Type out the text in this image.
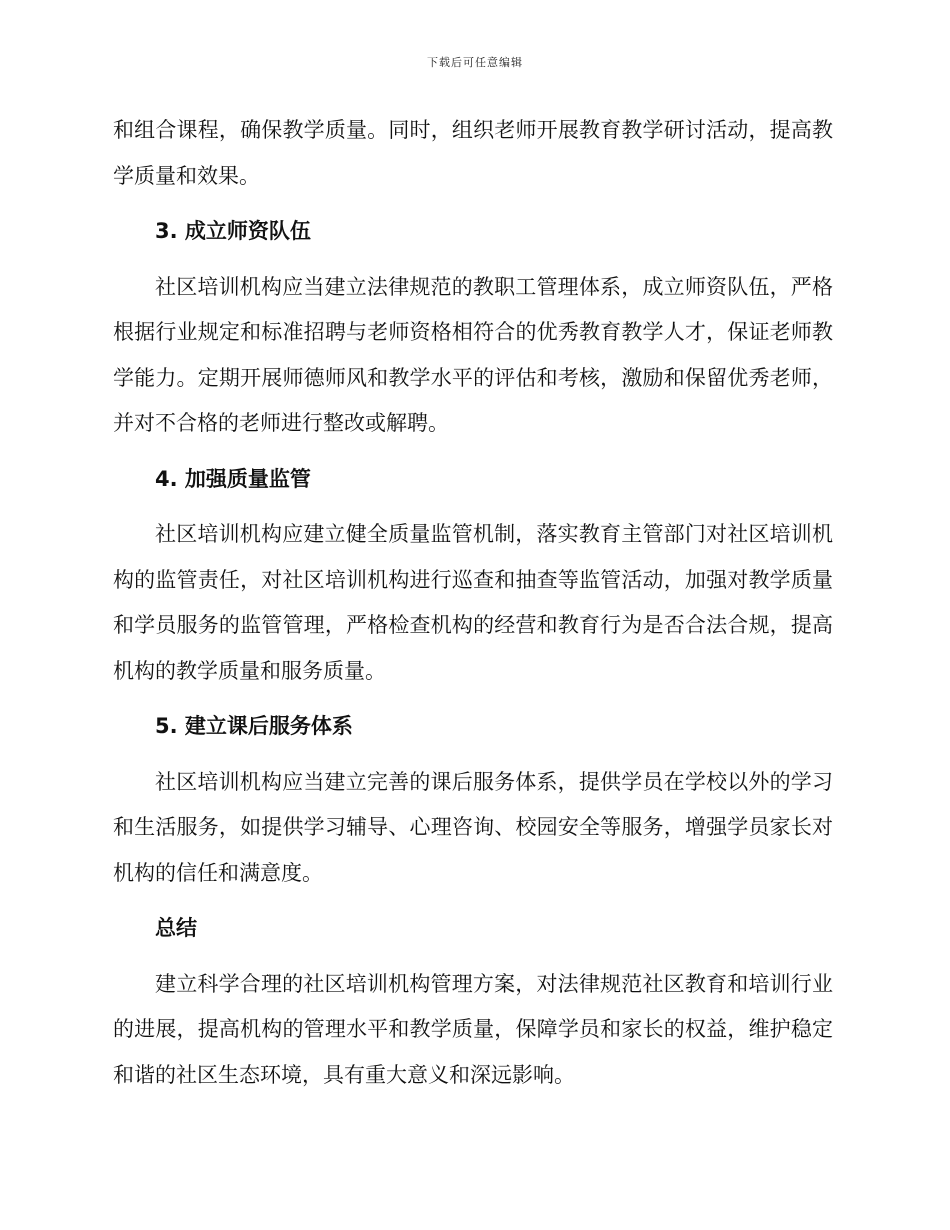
下载后可任意编辑

和组合课程，确保教学质量。同时，组织老师开展教育教学研讨活动，提高教学质量和效果。

3. 成立师资队伍

社区培训机构应当建立法律规范的教职工管理体系，成立师资队伍，严格根据行业规定和标准招聘与老师资格相符合的优秀教育教学人才，保证老师教学能力。定期开展师德师风和教学水平的评估和考核，激励和保留优秀老师，并对不合格的老师进行整改或解聘。

4. 加强质量监管

社区培训机构应建立健全质量监管机制，落实教育主管部门对社区培训机构的监管责任，对社区培训机构进行巡查和抽查等监管活动，加强对教学质量和学员服务的监管管理，严格检查机构的经营和教育行为是否合法合规，提高机构的教学质量和服务质量。

5. 建立课后服务体系

社区培训机构应当建立完善的课后服务体系，提供学员在学校以外的学习和生活服务，如提供学习辅导、心理咨询、校园安全等服务，增强学员家长对机构的信任和满意度。

总结

建立科学合理的社区培训机构管理方案，对法律规范社区教育和培训行业的进展，提高机构的管理水平和教学质量，保障学员和家长的权益，维护稳定和谐的社区生态环境，具有重大意义和深远影响。
